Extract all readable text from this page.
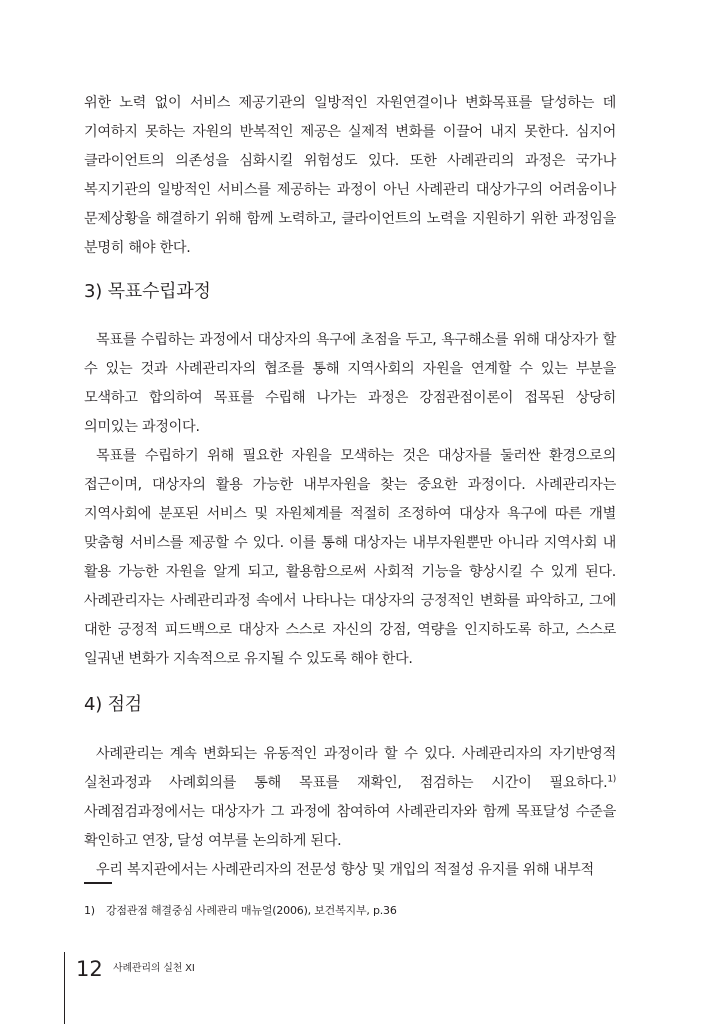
위한 노력 없이 서비스 제공기관의 일방적인 자원연결이나 변화목표를 달성하는 데 기여하지 못하는 자원의 반복적인 제공은 실제적 변화를 이끌어 내지 못한다. 심지어 클라이언트의 의존성을 심화시킬 위험성도 있다. 또한 사례관리의 과정은 국가나 복지기관의 일방적인 서비스를 제공하는 과정이 아닌 사례관리 대상가구의 어려움이나 문제상황을 해결하기 위해 함께 노력하고, 클라이언트의 노력을 지원하기 위한 과정임을 분명히 해야 한다.

3) 목표수립과정

목표를 수립하는 과정에서 대상자의 욕구에 초점을 두고, 욕구해소를 위해 대상자가 할 수 있는 것과 사례관리자의 협조를 통해 지역사회의 자원을 연계할 수 있는 부분을 모색하고 합의하여 목표를 수립해 나가는 과정은 강점관점이론이 접목된 상당히 의미있는 과정이다.

목표를 수립하기 위해 필요한 자원을 모색하는 것은 대상자를 둘러싼 환경으로의 접근이며, 대상자의 활용 가능한 내부자원을 찾는 중요한 과정이다. 사례관리자는 지역사회에 분포된 서비스 및 자원체계를 적절히 조정하여 대상자 욕구에 따른 개별 맞춤형 서비스를 제공할 수 있다. 이를 통해 대상자는 내부자원뿐만 아니라 지역사회 내 활용 가능한 자원을 알게 되고, 활용함으로써 사회적 기능을 향상시킬 수 있게 된다. 사례관리자는 사례관리과정 속에서 나타나는 대상자의 긍정적인 변화를 파악하고, 그에 대한 긍정적 피드백으로 대상자 스스로 자신의 강점, 역량을 인지하도록 하고, 스스로 일궈낸 변화가 지속적으로 유지될 수 있도록 해야 한다.

4) 점검

사례관리는 계속 변화되는 유동적인 과정이라 할 수 있다. 사례관리자의 자기반영적 실천과정과 사례회의를 통해 목표를 재확인, 점검하는 시간이 필요하다.$^{1)}$ 사례점검과정에서는 대상자가 그 과정에 참여하여 사례관리자와 함께 목표달성 수준을 확인하고 연장, 달성 여부를 논의하게 된다.

우리 복지관에서는 사례관리자의 전문성 향상 및 개입의 적절성 유지를 위해 내부적

1) 강점관점 해결중심 사례관리 매뉴얼(2006), 보건복지부, p.36

12 사례관리의 실천 XI
